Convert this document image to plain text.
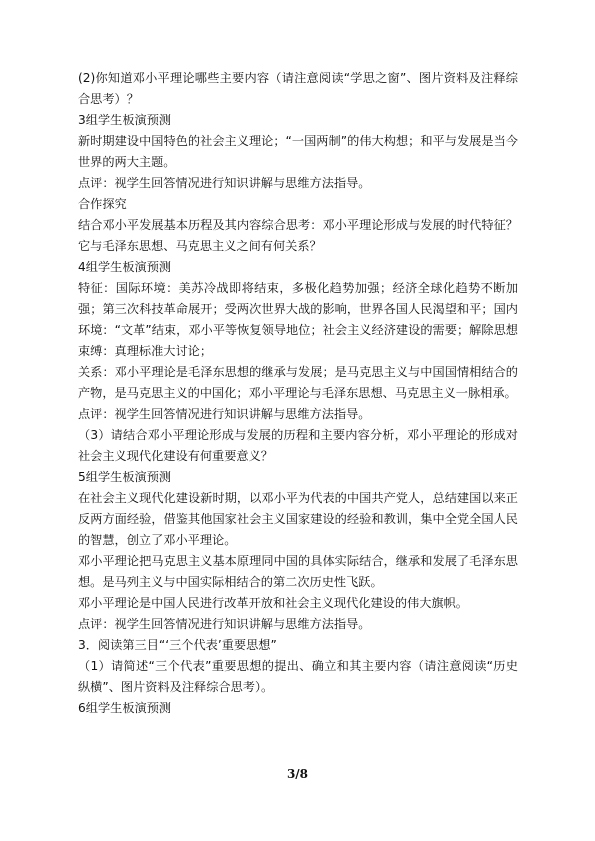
(2)你知道邓小平理论哪些主要内容（请注意阅读“学思之窗”、图片资料及注释综合思考）？

3组学生板演预测

新时期建设中国特色的社会主义理论；“一国两制”的伟大构想；和平与发展是当今世界的两大主题。

点评：视学生回答情况进行知识讲解与思维方法指导。

合作探究

结合邓小平发展基本历程及其内容综合思考：邓小平理论形成与发展的时代特征？它与毛泽东思想、马克思主义之间有何关系？

4组学生板演预测

特征：国际环境：美苏冷战即将结束，多极化趋势加强；经济全球化趋势不断加强；第三次科技革命展开；受两次世界大战的影响，世界各国人民渴望和平；国内环境：“文革”结束，邓小平等恢复领导地位；社会主义经济建设的需要；解除思想束缚：真理标准大讨论；

关系：邓小平理论是毛泽东思想的继承与发展；是马克思主义与中国国情相结合的产物，是马克思主义的中国化；邓小平理论与毛泽东思想、马克思主义一脉相承。

点评：视学生回答情况进行知识讲解与思维方法指导。

（3）请结合邓小平理论形成与发展的历程和主要内容分析，邓小平理论的形成对社会主义现代化建设有何重要意义？

5组学生板演预测

在社会主义现代化建设新时期，以邓小平为代表的中国共产党人，总结建国以来正反两方面经验，借鉴其他国家社会主义国家建设的经验和教训，集中全党全国人民的智慧，创立了邓小平理论。

邓小平理论把马克思主义基本原理同中国的具体实际结合，继承和发展了毛泽东思想。是马列主义与中国实际相结合的第二次历史性飞跃。

邓小平理论是中国人民进行改革开放和社会主义现代化建设的伟大旗帜。

点评：视学生回答情况进行知识讲解与思维方法指导。

3．阅读第三目“‘三个代表’重要思想”

（1）请简述“三个代表”重要思想的提出、确立和其主要内容（请注意阅读“历史纵横”、图片资料及注释综合思考）。

6组学生板演预测

3/8
